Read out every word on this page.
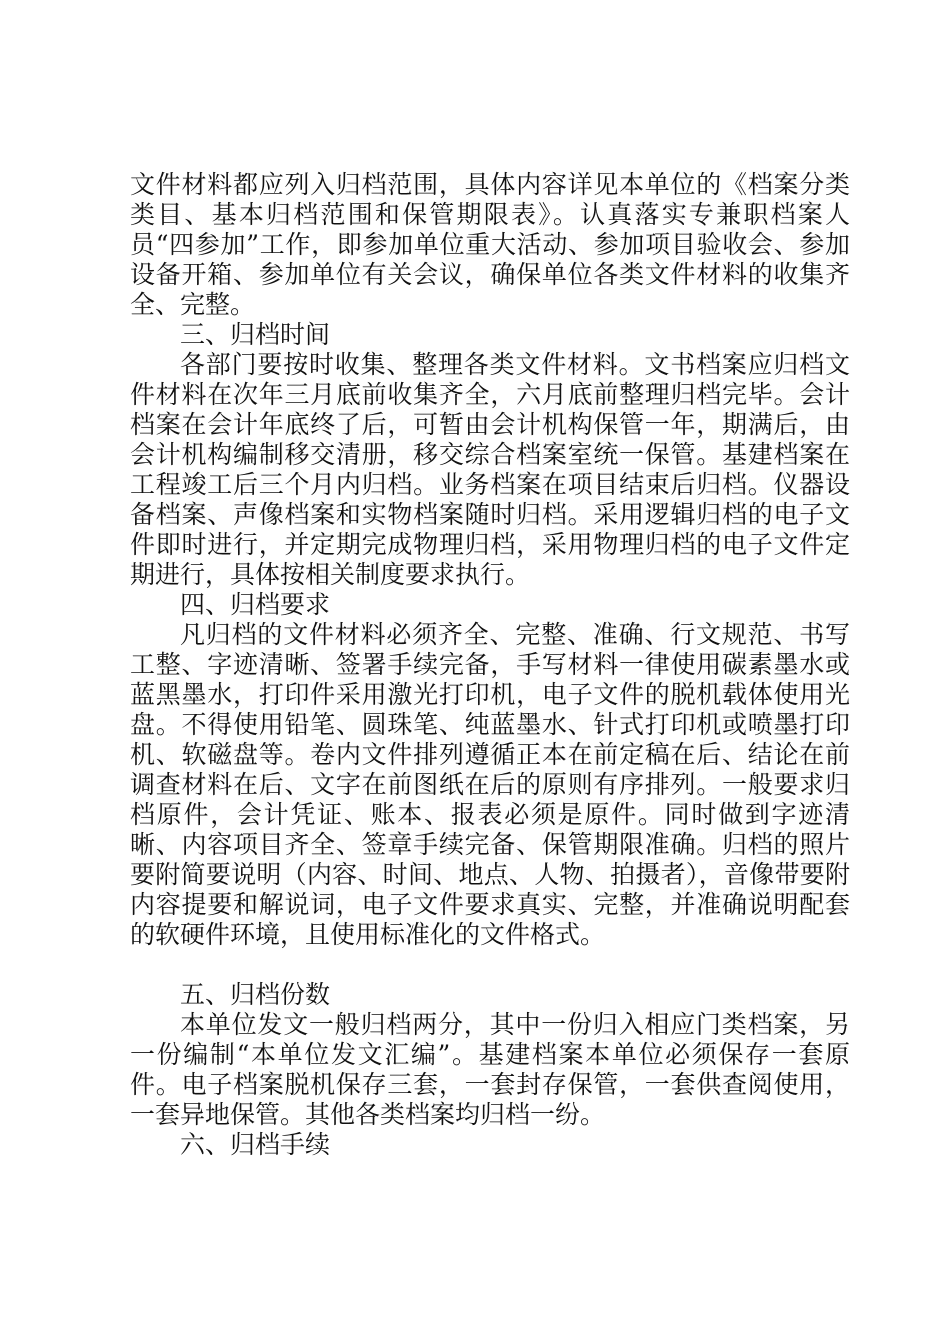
文件材料都应列入归档范围，具体内容详见本单位的《档案分类类目、基本归档范围和保管期限表》。认真落实专兼职档案人员“四参加”工作，即参加单位重大活动、参加项目验收会、参加设备开箱、参加单位有关会议，确保单位各类文件材料的收集齐全、完整。

三、归档时间

各部门要按时收集、整理各类文件材料。文书档案应归档文件材料在次年三月底前收集齐全，六月底前整理归档完毕。会计档案在会计年底终了后，可暂由会计机构保管一年，期满后，由会计机构编制移交清册，移交综合档案室统一保管。基建档案在工程竣工后三个月内归档。业务档案在项目结束后归档。仪器设备档案、声像档案和实物档案随时归档。采用逻辑归档的电子文件即时进行，并定期完成物理归档，采用物理归档的电子文件定期进行，具体按相关制度要求执行。

四、归档要求

凡归档的文件材料必须齐全、完整、准确、行文规范、书写工整、字迹清晰、签署手续完备，手写材料一律使用碳素墨水或蓝黑墨水，打印件采用激光打印机，电子文件的脱机载体使用光盘。不得使用铅笔、圆珠笔、纯蓝墨水、针式打印机或喷墨打印机、软磁盘等。卷内文件排列遵循正本在前定稿在后、结论在前调查材料在后、文字在前图纸在后的原则有序排列。一般要求归档原件，会计凭证、账本、报表必须是原件。同时做到字迹清晰、内容项目齐全、签章手续完备、保管期限准确。归档的照片要附简要说明（内容、时间、地点、人物、拍摄者），音像带要附内容提要和解说词，电子文件要求真实、完整，并准确说明配套的软硬件环境，且使用标准化的文件格式。

五、归档份数

本单位发文一般归档两分，其中一份归入相应门类档案，另一份编制“本单位发文汇编”。基建档案本单位必须保存一套原件。电子档案脱机保存三套，一套封存保管，一套供查阅使用，一套异地保管。其他各类档案均归档一纷。

六、归档手续
